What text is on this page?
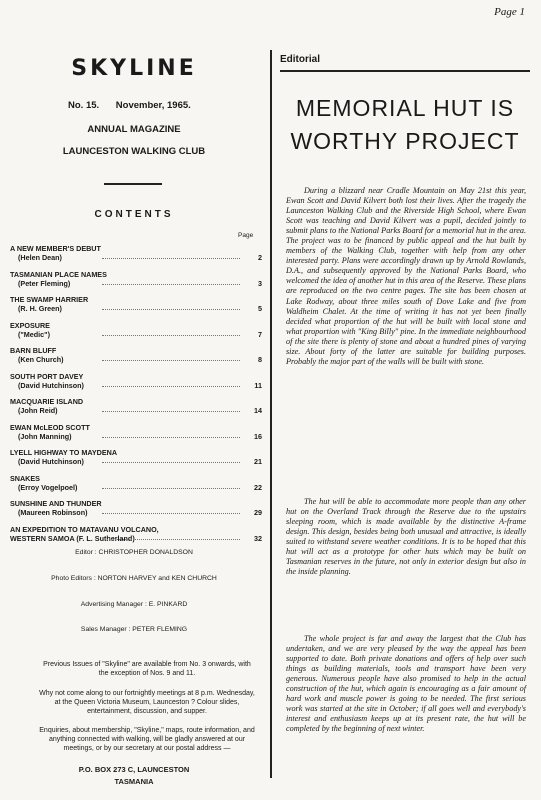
Page 1
SKYLINE
No. 15. November, 1965.
ANNUAL MAGAZINE
LAUNCESTON WALKING CLUB
CONTENTS
Page
A NEW MEMBER'S DEBUT
(Helen Dean)	2
TASMANIAN PLACE NAMES
(Peter Fleming)	3
THE SWAMP HARRIER
(R. H. Green)	5
EXPOSURE
("Medic")	7
BARN BLUFF
(Ken Church)	8
SOUTH PORT DAVEY
(David Hutchinson)	11
MACQUARIE ISLAND
(John Reid)	14
EWAN McLEOD SCOTT
(John Manning)	16
LYELL HIGHWAY TO MAYDENA
(David Hutchinson)	21
SNAKES
(Erroy Vogelpoel)	22
SUNSHINE AND THUNDER
(Maureen Robinson)	29
AN EXPEDITION TO MATAVANU VOLCANO,
WESTERN SAMOA (F. L. Sutherland)	32
Editor : CHRISTOPHER DONALDSON
Photo Editors : NORTON HARVEY and KEN CHURCH
Advertising Manager : E. PINKARD
Sales Manager : PETER FLEMING
Previous Issues of "Skyline" are available from No. 3 onwards, with the exception of Nos. 9 and 11.
Why not come along to our fortnightly meetings at 8 p.m. Wednesday, at the Queen Victoria Museum, Launceston ? Colour slides, entertainment, discussion, and supper.
Enquiries, about membership, "Skyline," maps, route information, and anything connected with walking, will be gladly answered at our meetings, or by our secretary at our postal address —
P.O. BOX 273 C, LAUNCESTON
TASMANIA
Editorial
MEMORIAL HUT IS
WORTHY PROJECT

During a blizzard near Cradle Mountain on May 21st this year, Ewan Scott and David Kilvert both lost their lives. After the tragedy the Launceston Walking Club and the Riverside High School, where Ewan Scott was teaching and David Kilvert was a pupil, decided jointly to submit plans to the National Parks Board for a memorial hut in the area. The project was to be financed by public appeal and the hut built by members of the Walking Club, together with help from any other interested party. Plans were accordingly drawn up by Arnold Rowlands, D.A., and subsequently approved by the National Parks Board, who welcomed the idea of another hut in this area of the Reserve. These plans are reproduced on the two centre pages. The site has been chosen at Lake Rodway, about three miles south of Dove Lake and five from Waldheim Chalet. At the time of writing it has not yet been finally decided what proportion of the hut will be built with local stone and what proportion with "King Billy" pine. In the immediate neighbourhood of the site there is plenty of stone and about a hundred pines of varying size. About forty of the latter are suitable for building purposes. Probably the major part of the walls will be built with stone.

The hut will be able to accommodate more people than any other hut on the Overland Track through the Reserve due to the upstairs sleeping room, which is made available by the distinctive A-frame design. This design, besides being both unusual and attractive, is ideally suited to withstand severe weather conditions. It is to be hoped that this hut will act as a prototype for other huts which may be built on Tasmanian reserves in the future, not only in exterior design but also in the inside planning.

The whole project is far and away the largest that the Club has undertaken, and we are very pleased by the way the appeal has been supported to date. Both private donations and offers of help over such things as building materials, tools and transport have been very generous. Numerous people have also promised to help in the actual construction of the hut, which again is encouraging as a fair amount of hard work and muscle power is going to be needed. The first serious work was started at the site in October; if all goes well and everybody's interest and enthusiasm keeps up at its present rate, the hut will be completed by the beginning of next winter.
